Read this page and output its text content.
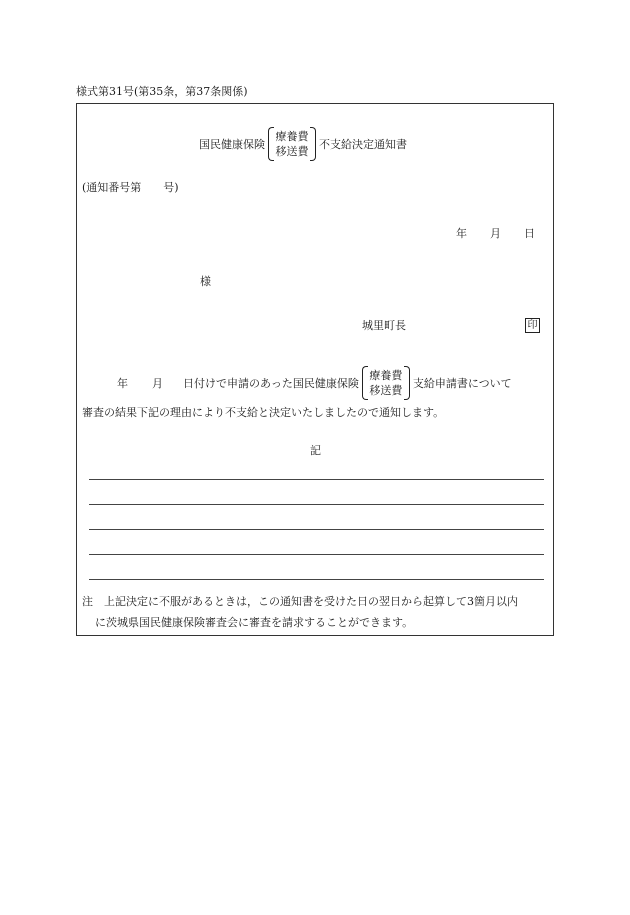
様式第31号(第35条，第37条関係)
国民健康保険
療養費
移送費
不支給決定通知書
(通知番号第　　号)
年 月 日
様
城里町長	印
年 月 日付けで申請のあった国民健康保険
療養費
移送費
支給申請書について
審査の結果下記の理由により不支給と決定いたしましたので通知します。
記
注　上記決定に不服があるときは，この通知書を受けた日の翌日から起算して3箇月以内
に茨城県国民健康保険審査会に審査を請求することができます。
